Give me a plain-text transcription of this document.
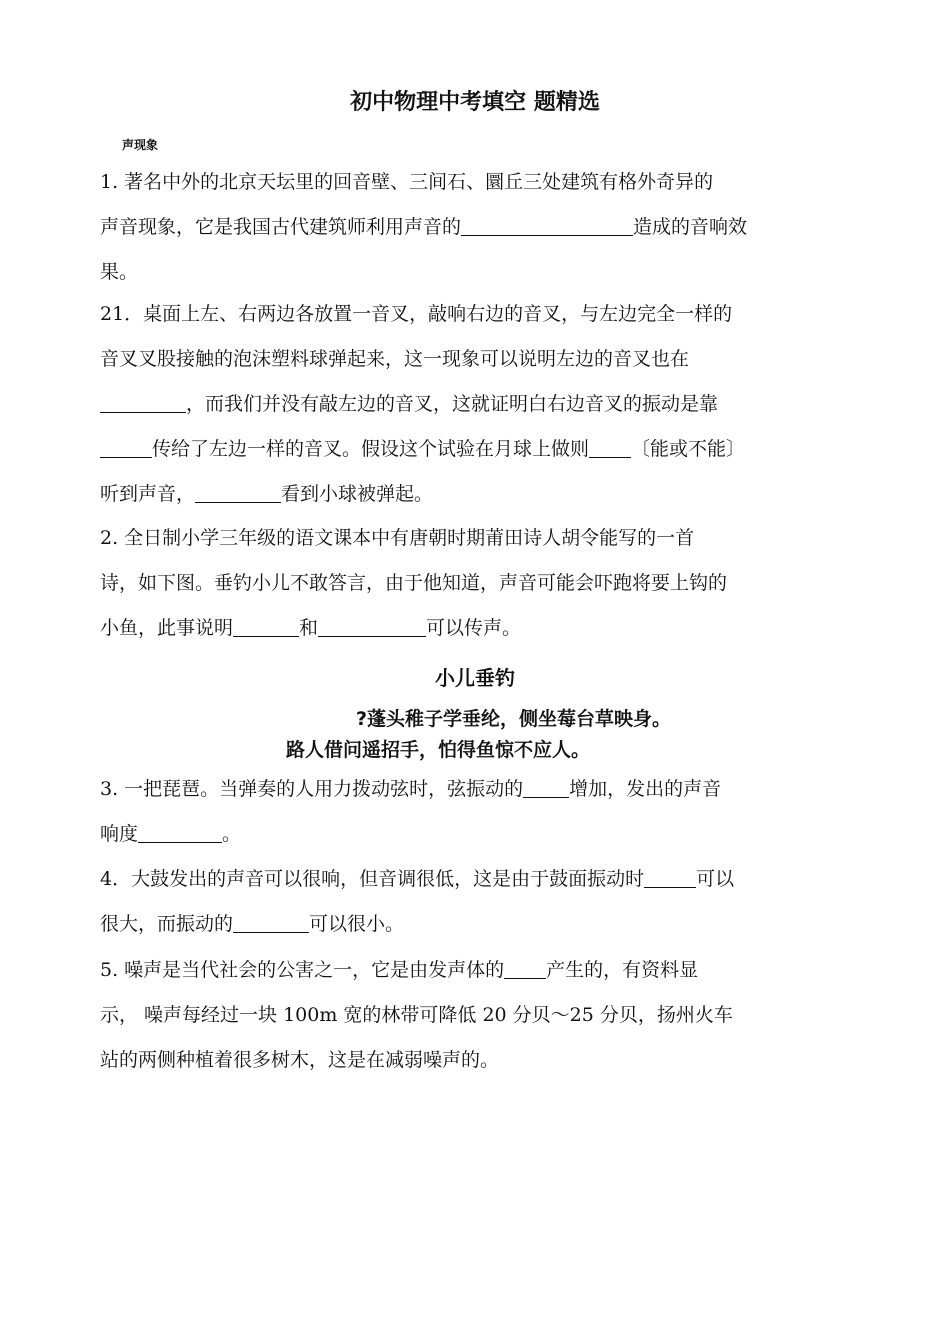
初中物理中考填空 题精选
声现象
1. 著名中外的北京天坛里的回音壁、三间石、圜丘三处建筑有格外奇异的
声音现象，它是我国古代建筑师利用声音的	造成的音响效
果。
21．桌面上左、右两边各放置一音叉，敲响右边的音叉，与左边完全一样的
音叉叉股接触的泡沫塑料球弹起来，这一现象可以说明左边的音叉也在
，而我们并没有敲左边的音叉，这就证明白右边音叉的振动是靠
传给了左边一样的音叉。假设这个试验在月球上做则 〔能或不能〕
听到声音，	看到小球被弹起。
2. 全日制小学三年级的语文课本中有唐朝时期莆田诗人胡令能写的一首
诗，如下图。垂钓小儿不敢答言，由于他知道，声音可能会吓跑将要上钩的
小鱼，此事说明	和	可以传声。
小儿垂钓
?蓬头稚子学垂纶，侧坐莓台草映身。
路人借问遥招手，怕得鱼惊不应人。
3. 一把琵琶。当弹奏的人用力拨动弦时，弦振动的 增加，发出的声音
响度	。
4．大鼓发出的声音可以很响，但音调很低，这是由于鼓面振动时	可以
很大，而振动的	可以很小。
5. 噪声是当代社会的公害之一，它是由发声体的 产生的，有资料显
示， 噪声每经过一块 100m 宽的林带可降低 20 分贝～25 分贝，扬州火车
站的两侧种植着很多树木，这是在减弱噪声的。
